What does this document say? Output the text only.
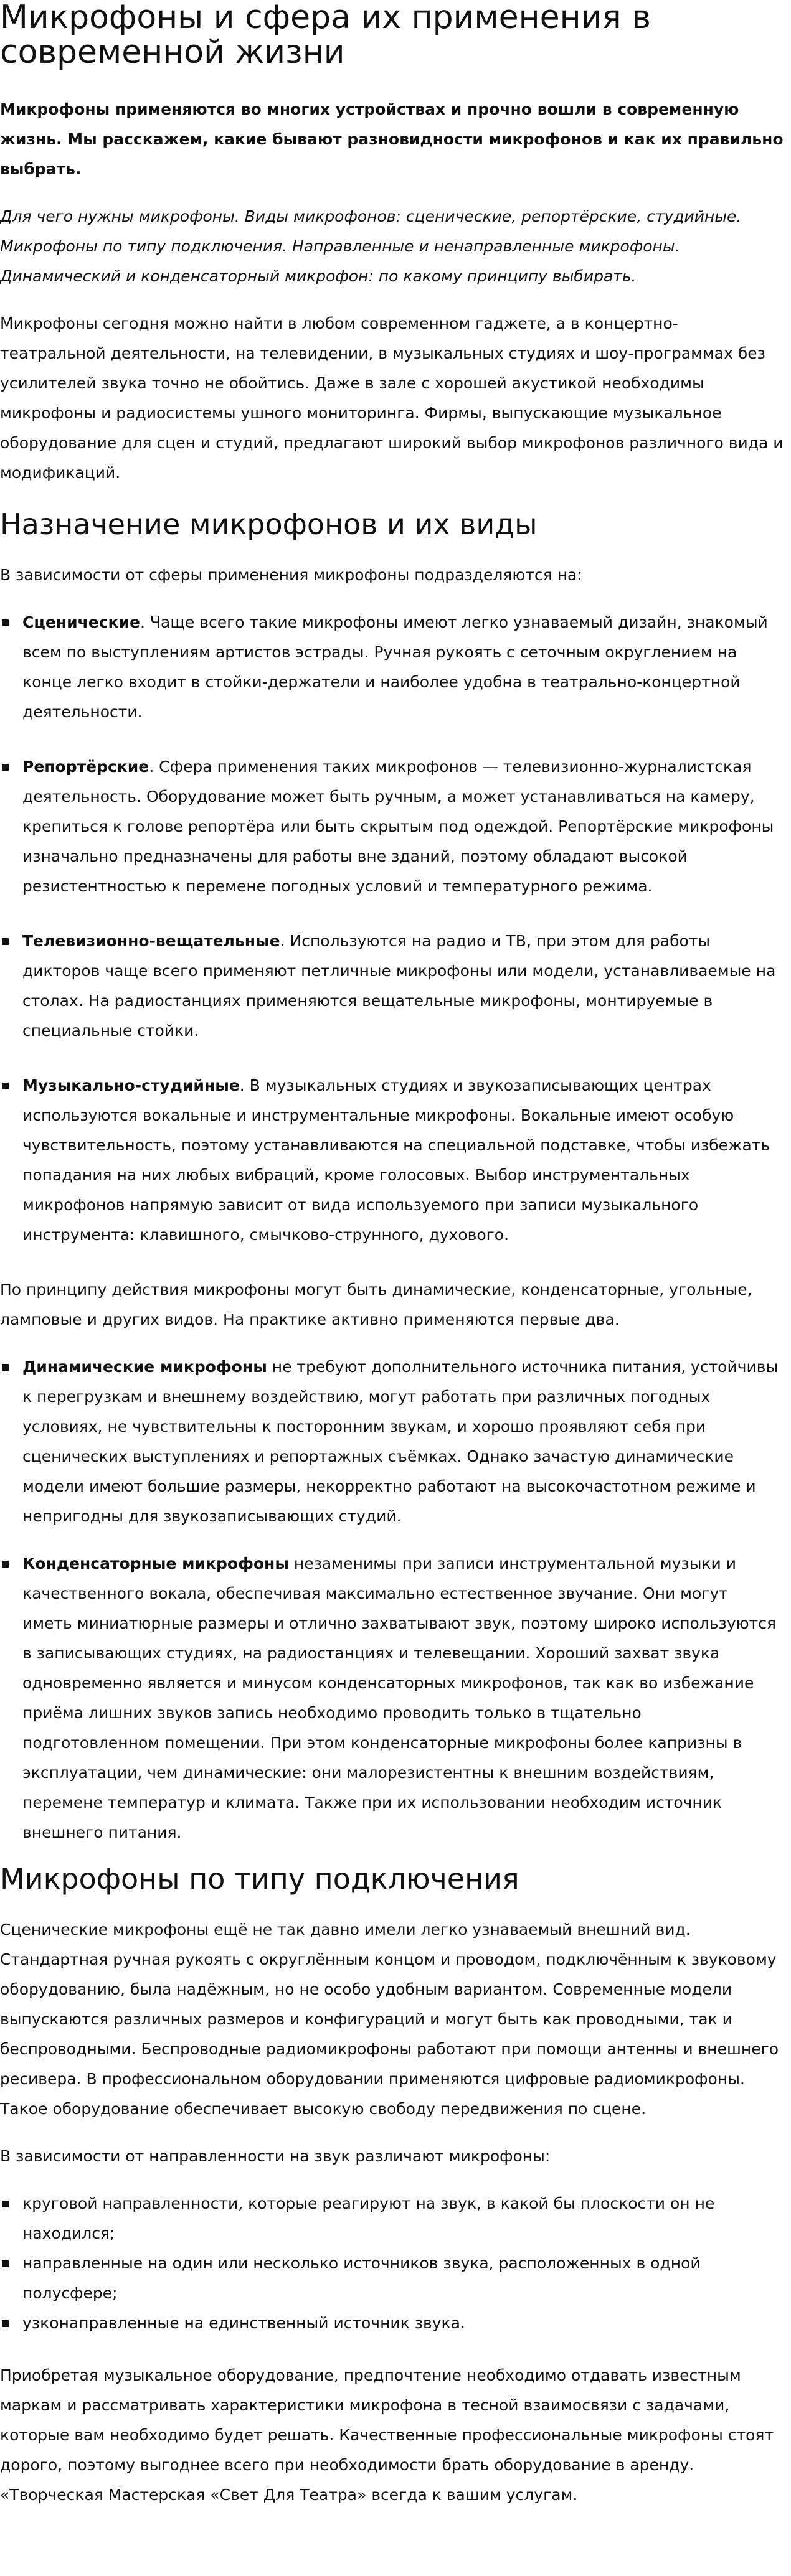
Микрофоны и сфера их применения в современной жизни

Микрофоны применяются во многих устройствах и прочно вошли в современную жизнь. Мы расскажем, какие бывают разновидности микрофонов и как их правильно выбрать.

Для чего нужны микрофоны. Виды микрофонов: сценические, репортёрские, студийные. Микрофоны по типу подключения. Направленные и ненаправленные микрофоны. Динамический и конденсаторный микрофон: по какому принципу выбирать.

Микрофоны сегодня можно найти в любом современном гаджете, а в концертно-театральной деятельности, на телевидении, в музыкальных студиях и шоу-программах без усилителей звука точно не обойтись. Даже в зале с хорошей акустикой необходимы микрофоны и радиосистемы ушного мониторинга. Фирмы, выпускающие музыкальное оборудование для сцен и студий, предлагают широкий выбор микрофонов различного вида и модификаций.

Назначение микрофонов и их виды

В зависимости от сферы применения микрофоны подразделяются на:

Сценические. Чаще всего такие микрофоны имеют легко узнаваемый дизайн, знакомый всем по выступлениям артистов эстрады. Ручная рукоять с сеточным округлением на конце легко входит в стойки-держатели и наиболее удобна в театрально-концертной деятельности.
Репортёрские. Сфера применения таких микрофонов — телевизионно-журналистская деятельность. Оборудование может быть ручным, а может устанавливаться на камеру, крепиться к голове репортёра или быть скрытым под одеждой. Репортёрские микрофоны изначально предназначены для работы вне зданий, поэтому обладают высокой резистентностью к перемене погодных условий и температурного режима.
Телевизионно-вещательные. Используются на радио и ТВ, при этом для работы дикторов чаще всего применяют петличные микрофоны или модели, устанавливаемые на столах. На радиостанциях применяются вещательные микрофоны, монтируемые в специальные стойки.
Музыкально-студийные. В музыкальных студиях и звукозаписывающих центрах используются вокальные и инструментальные микрофоны. Вокальные имеют особую чувствительность, поэтому устанавливаются на специальной подставке, чтобы избежать попадания на них любых вибраций, кроме голосовых. Выбор инструментальных микрофонов напрямую зависит от вида используемого при записи музыкального инструмента: клавишного, смычково-струнного, духового.

По принципу действия микрофоны могут быть динамические, конденсаторные, угольные, ламповые и других видов. На практике активно применяются первые два.

Динамические микрофоны не требуют дополнительного источника питания, устойчивы к перегрузкам и внешнему воздействию, могут работать при различных погодных условиях, не чувствительны к посторонним звукам, и хорошо проявляют себя при сценических выступлениях и репортажных съёмках. Однако зачастую динамические модели имеют большие размеры, некорректно работают на высокочастотном режиме и непригодны для звукозаписывающих студий.
Конденсаторные микрофоны незаменимы при записи инструментальной музыки и качественного вокала, обеспечивая максимально естественное звучание. Они могут иметь миниатюрные размеры и отлично захватывают звук, поэтому широко используются в записывающих студиях, на радиостанциях и телевещании. Хороший захват звука одновременно является и минусом конденсаторных микрофонов, так как во избежание приёма лишних звуков запись необходимо проводить только в тщательно подготовленном помещении. При этом конденсаторные микрофоны более капризны в эксплуатации, чем динамические: они малорезистентны к внешним воздействиям, перемене температур и климата. Также при их использовании необходим источник внешнего питания.
Микрофоны по типу подключения

Сценические микрофоны ещё не так давно имели легко узнаваемый внешний вид. Стандартная ручная рукоять с округлённым концом и проводом, подключённым к звуковому оборудованию, была надёжным, но не особо удобным вариантом. Современные модели выпускаются различных размеров и конфигураций и могут быть как проводными, так и беспроводными. Беспроводные радиомикрофоны работают при помощи антенны и внешнего ресивера. В профессиональном оборудовании применяются цифровые радиомикрофоны. Такое оборудование обеспечивает высокую свободу передвижения по сцене.

В зависимости от направленности на звук различают микрофоны:

круговой направленности, которые реагируют на звук, в какой бы плоскости он не находился;
направленные на один или несколько источников звука, расположенных в одной полусфере;
узконаправленные на единственный источник звука.

Приобретая музыкальное оборудование, предпочтение необходимо отдавать известным маркам и рассматривать характеристики микрофона в тесной взаимосвязи с задачами, которые вам необходимо будет решать. Качественные профессиональные микрофоны стоят дорого, поэтому выгоднее всего при необходимости брать оборудование в аренду. «Творческая Мастерская «Свет Для Театра» всегда к вашим услугам.
